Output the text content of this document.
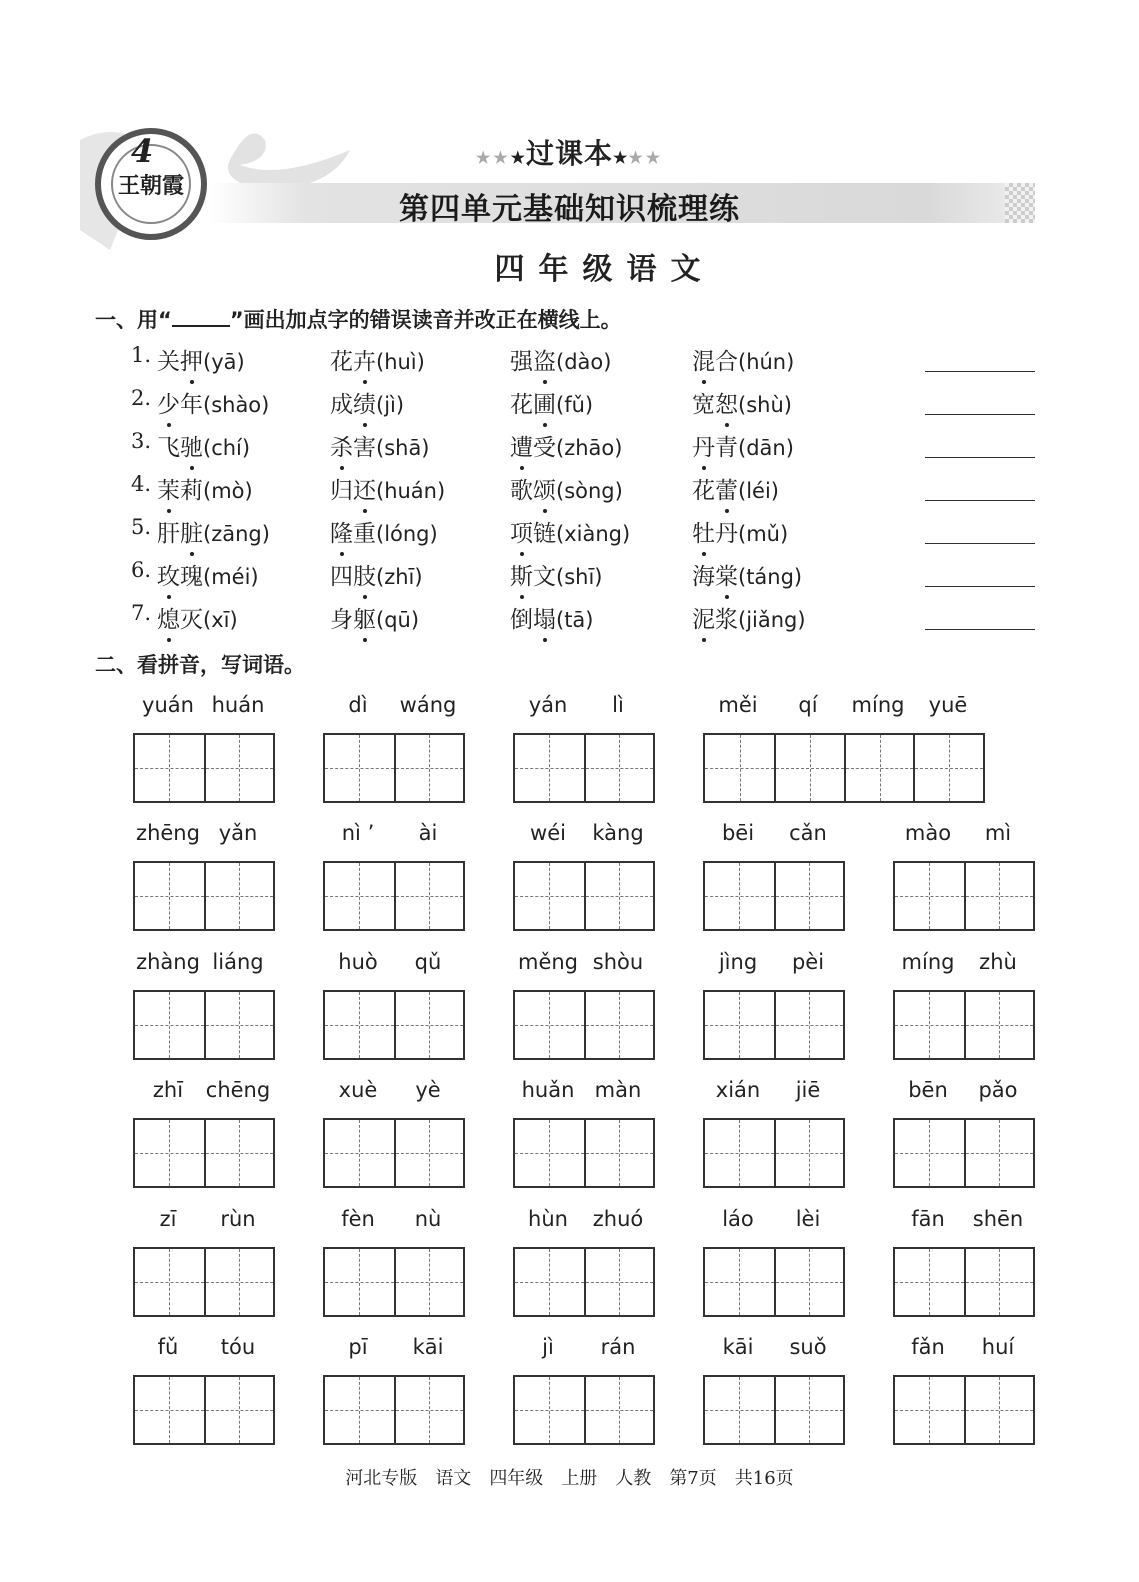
王朝霞
★★★过课本
4	★★★
第四单元基础知识梳理练
四年级语文
一、用“	”画出加点字的错误读音并改正在横线上。
1. 关押(yā)	花卉(huì)	强盗(dào)	混合(hún)
2. 少年(shào)	成绩(jì)	花圃(fǔ)	宽恕(shù)
3. 飞驰(chí)	杀害(shā)	遭受(zhāo)	丹青(dān)
4. 茉莉(mò)	归还(huán)	歌颂(sòng)	花蕾(léi)
5. 肝脏(zāng)	隆重(lóng)	项链(xiàng)	牡丹(mǔ)
6. 玫瑰(méi)	四肢(zhī)	斯文(shī)	海棠(táng)
7. 熄灭(xī)	身躯(qū)	倒塌(tā)	泥浆(jiǎng)
二、看拼音，写词语。
yuán huán	dì wáng	yán lì	měi qí míng yuē
zhēng yǎn	nì ’ ài	wéi kàng	bēi cǎn	mào mì
zhàng liáng	huò qǔ	měng shòu	jìng pèi	míng zhù
zhī chēng	xuè yè	huǎn màn	xián jiē	bēn pǎo
zī rùn	fèn nù	hùn zhuó	láo lèi	fān shēn
fǔ tóu	pī kāi	jì rán	kāi suǒ	fǎn huí
河北专版 语文 四年级 上册 人教 第7页 共16页
